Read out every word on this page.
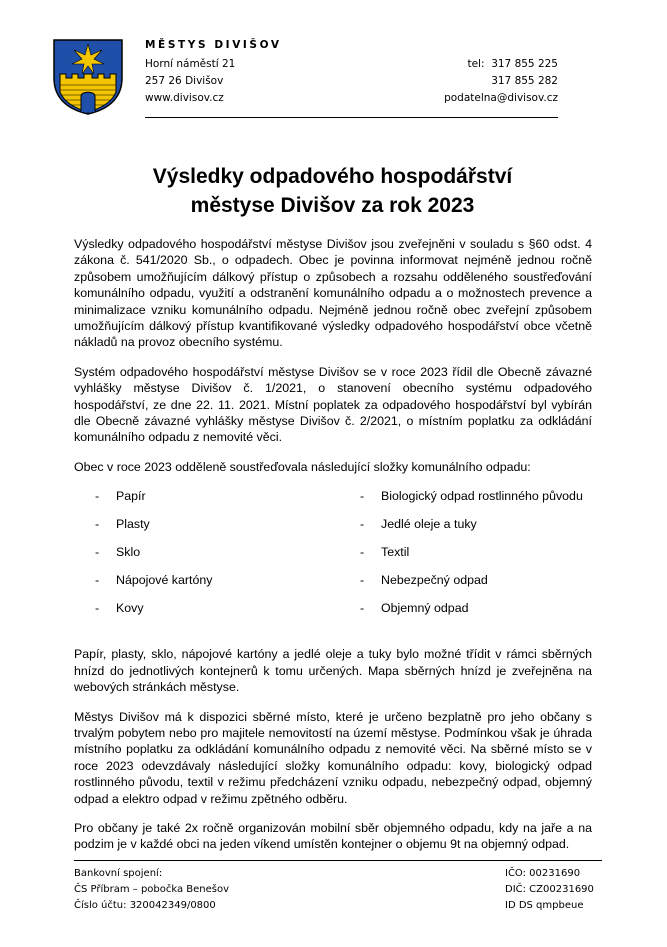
MĚSTYS DIVIŠOV
Horní náměstí 21
257 26 Divišov
www.divisov.cz
tel: 317 855 225
317 855 282
podatelna@divisov.cz
Výsledky odpadového hospodářství
městyse Divišov za rok 2023

Výsledky odpadového hospodářství městyse Divišov jsou zveřejněni v souladu s §60 odst. 4 zákona č. 541/2020 Sb., o odpadech. Obec je povinna informovat nejméně jednou ročně způsobem umožňujícím dálkový přístup o způsobech a rozsahu odděleného soustřeďování komunálního odpadu, využití a odstranění komunálního odpadu a o možnostech prevence a minimalizace vzniku komunálního odpadu. Nejméně jednou ročně obec zveřejní způsobem umožňujícím dálkový přístup kvantifikované výsledky odpadového hospodářství obce včetně nákladů na provoz obecního systému.

Systém odpadového hospodářství městyse Divišov se v roce 2023 řídil dle Obecně závazné vyhlášky městyse Divišov č. 1/2021, o stanovení obecního systému odpadového hospodářství, ze dne 22. 11. 2021. Místní poplatek za odpadového hospodářství byl vybírán dle Obecně závazné vyhlášky městyse Divišov č. 2/2021, o místním poplatku za odkládání komunálního odpadu z nemovité věci.

Obec v roce 2023 odděleně soustřeďovala následující složky komunálního odpadu:

-	Papír
-	Plasty
-	Sklo
-	Nápojové kartóny
-	Kovy
-	Biologický odpad rostlinného původu
-	Jedlé oleje a tuky
-	Textil
-	Nebezpečný odpad
-	Objemný odpad

Papír, plasty, sklo, nápojové kartóny a jedlé oleje a tuky bylo možné třídit v rámci sběrných hnízd do jednotlivých kontejnerů k tomu určených. Mapa sběrných hnízd je zveřejněna na webových stránkách městyse.

Městys Divišov má k dispozici sběrné místo, které je určeno bezplatně pro jeho občany s trvalým pobytem nebo pro majitele nemovitostí na území městyse. Podmínkou však je úhrada místního poplatku za odkládání komunálního odpadu z nemovité věci. Na sběrné místo se v roce 2023 odevzdávaly následující složky komunálního odpadu: kovy, biologický odpad rostlinného původu, textil v režimu předcházení vzniku odpadu, nebezpečný odpad, objemný odpad a elektro odpad v režimu zpětného odběru.

Pro občany je také 2x ročně organizován mobilní sběr objemného odpadu, kdy na jaře a na podzim je v každé obci na jeden víkend umístěn kontejner o objemu 9t na objemný odpad.

Bankovní spojení:
ČS Příbram – pobočka Benešov
Číslo účtu: 320042349/0800
IČO: 00231690
DIČ: CZ00231690
ID DS qmpbeue
